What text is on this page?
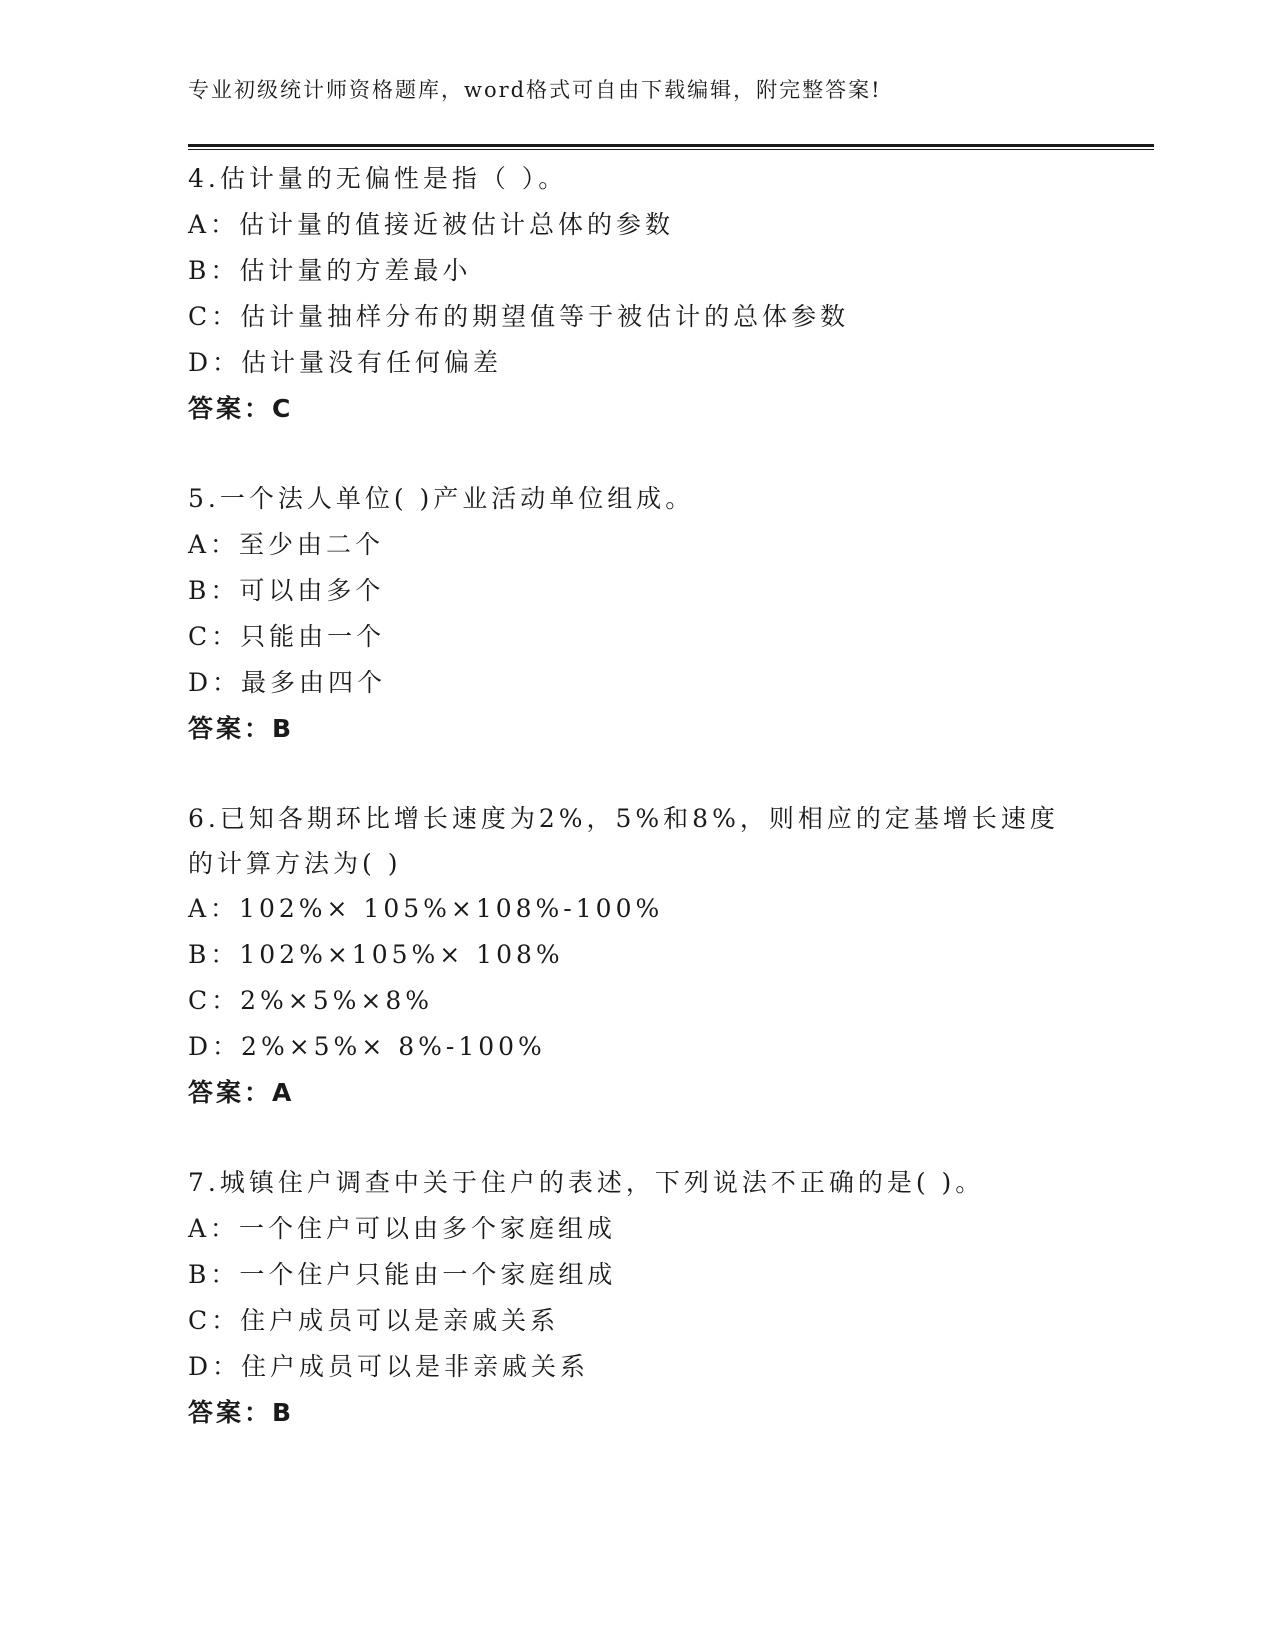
专业初级统计师资格题库，word格式可自由下载编辑，附完整答案!
4.估计量的无偏性是指（ ）。
A：估计量的值接近被估计总体的参数
B：估计量的方差最小
C：估计量抽样分布的期望值等于被估计的总体参数
D：估计量没有任何偏差
答案：C
5.一个法人单位( )产业活动单位组成。
A：至少由二个
B：可以由多个
C：只能由一个
D：最多由四个
答案：B
6.已知各期环比增长速度为2%，5%和8%，则相应的定基增长速度的计算方法为( )
A：102%× 105%×108%-100%
B：102%×105%× 108%
C：2%×5%×8%
D：2%×5%× 8%-100%
答案：A
7.城镇住户调查中关于住户的表述，下列说法不正确的是( )。
A：一个住户可以由多个家庭组成
B：一个住户只能由一个家庭组成
C：住户成员可以是亲戚关系
D：住户成员可以是非亲戚关系
答案：B
